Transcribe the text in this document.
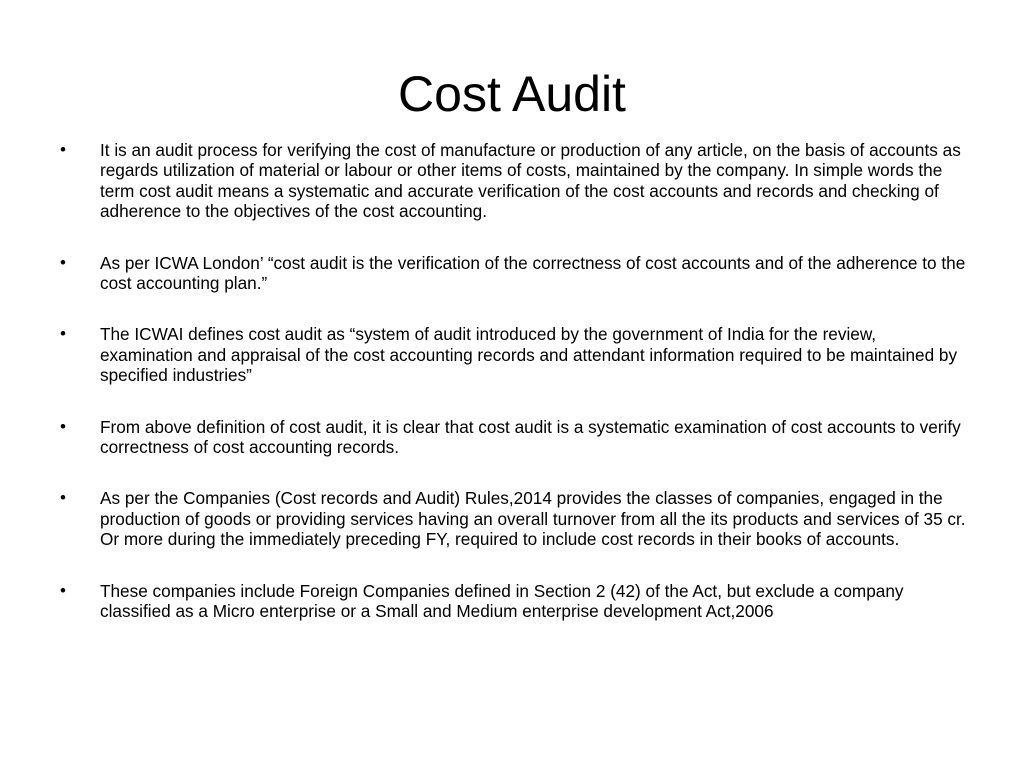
Cost Audit
•	It is an audit process for verifying the cost of manufacture or production of any article, on the basis of accounts as regards utilization of material or labour or other items of costs, maintained by the company. In simple words the term cost audit means a systematic and accurate verification of the cost accounts and records and checking of adherence to the objectives of the cost accounting.
•	As per ICWA London’ “cost audit is the verification of the correctness of cost accounts and of the adherence to the cost accounting plan.”
•	The ICWAI defines cost audit as “system of audit introduced by the government of India for the review, examination and appraisal of the cost accounting records and attendant information required to be maintained by specified industries”
•	From above definition of cost audit, it is clear that cost audit is a systematic examination of cost accounts to verify correctness of cost accounting records.
•	As per the Companies (Cost records and Audit) Rules,2014 provides the classes of companies, engaged in the production of goods or providing services having an overall turnover from all the its products and services of 35 cr. Or more during the immediately preceding FY, required to include cost records in their books of accounts.
•	These companies include Foreign Companies defined in Section 2 (42) of the Act, but exclude a company classified as a Micro enterprise or a Small and Medium enterprise development Act,2006
